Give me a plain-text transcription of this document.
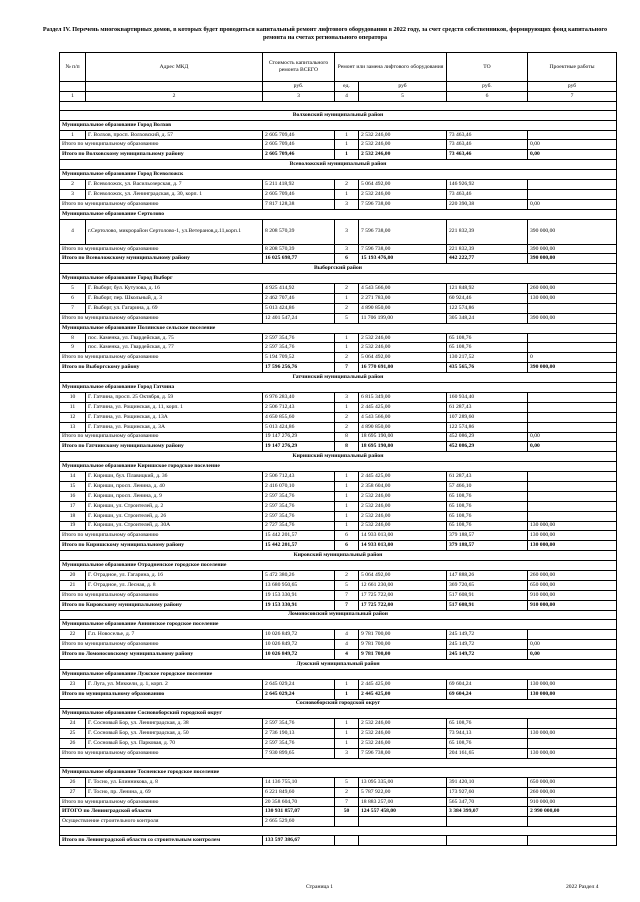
Раздел IV. Перечень многоквартирных домов, в которых будет проводиться капитальный ремонт лифтового оборудования в 2022 году, за счет средств собственников, формирующих фонд капитального ремонта на счетах регионального оператора
№ п/п	Адрес МКД	Стоимость капитального ремонта ВСЕГО	Ремонт или замена лифтового оборудования		ТО	Проектные работы
		руб.	ед.	руб	руб.	руб
1	2	3	4	5	6	7

Волховский муниципальный район						
Муниципальное образование Город Волхов						
1	Г. Волхов, просп. Волховский, д. 57	2 605 709,46	1	2 532 246,00	73 463,46	
Итого по муниципальному образованию		2 605 709,46	1	2 532 246,00	73 463,46	0,00
Итого по Волховскому муниципальному району		2 605 709,46	1	2 532 246,00	73 463,46	0,00
Всеволожский муниципальный район						
Муниципальное образование Город Всеволожск						
2	Г. Всеволожск, ул. Васильозерская, д. 7	5 211 418,92	2	5 064 492,00	146 926,92	
3	Г. Всеволожск, ул. Ленинградская, д. 30, корп. 1	2 605 709,46	1	2 532 246,00	73 463,46	
Итого по муниципальному образованию		7 817 128,38	3	7 596 738,00	220 390,38	0,00
Муниципальное образование Сертолово						
4	г.Сертолово, микрорайон Сертолово-1, ул.Ветеранов,д.11,корп.1	8 208 570,39	3	7 596 738,00	221 832,39	390 000,00
Итого по муниципальному образованию		8 208 570,39	3	7 596 738,00	221 832,39	390 000,00
Итого по Всеволожскому муниципальному району		16 025 698,77	6	15 193 476,00	442 222,77	390 000,00
Выборгский район						
Муниципальное образование Город Выборг						
5	Г. Выборг, бул. Кутузова, д. 16	4 925 414,92	2	4 543 566,00	121 848,92	260 000,00
6	Г. Выборг, пер. Школьный, д. 3	2 462 707,46	1	2 271 783,00	60 924,46	130 000,00
7	Г. Выборг, ул. Гагарина, д. 69	5 013 424,86	2	4 890 850,00	122 574,86	
Итого по муниципальному образованию		12 401 547,24	5	11 706 199,00	305 348,24	390 000,00
Муниципальное образование Полянское сельское поселение						
8	пос. Каменка, ул. Гвардейская, д. 75	2 597 354,76	1	2 532 246,00	65 108,76	
9	пос. Каменка, ул. Гвардейская, д. 77	2 597 354,76	1	2 532 246,00	65 108,76	
Итого по муниципальному образованию		5 194 709,52	2	5 064 492,00	130 217,52	0
Итого по Выборгскому району		17 596 256,76	7	16 770 691,00	435 565,76	390 000,00
Гатчинский муниципальный район						
Муниципальное образование Город Гатчина						
10	Г. Гатчина, просп. 25 Октября, д. 59	6 976 283,40	3	6 815 349,00	160 934,40	
11	Г. Гатчина, ул. Рощинская, д. 11, корп. 1	2 506 712,43	1	2 445 425,00	61 287,43	
12	Г. Гатчина, ул. Рощинская, д. 13А	4 650 855,60	2	4 543 566,00	107 289,60	
13	Г. Гатчина, ул. Рощинская, д. 3А	5 013 424,86	2	4 890 850,00	122 574,86	
Итого по муниципальному образованию		19 147 276,29	8	18 695 190,00	452 086,29	0,00
Итого по Гатчинскому муниципальному району		19 147 276,29	8	18 695 190,00	452 086,29	0,00
Киришский муниципальный район						
Муниципальное образование Киришское городское поселение						
14	Г. Кириши, бул. Плавицкий, д. 36	2 506 712,43	1	2 445 425,00	61 287,43	
15	Г. Кириши, просп. Ленина, д. 40	2 416 070,10	1	2 358 604,00	57 466,10	
16	Г. Кириши, просп. Ленина, д. 9	2 597 354,76	1	2 532 246,00	65 108,76	
17	Г. Кириши, ул. Строителей, д. 2	2 597 354,76	1	2 532 246,00	65 108,76	
18	Г. Кириши, ул. Строителей, д. 26	2 597 354,76	1	2 532 246,00	65 108,76	
19	Г. Кириши, ул. Строителей, д. 30А	2 727 354,76	1	2 532 246,00	65 108,76	130 000,00
Итого по муниципальному образованию		15 442 201,57	6	14 933 013,00	379 188,57	130 000,00
Итого по Киришскому муниципальному району		15 442 201,57	6	14 933 013,00	379 188,57	130 000,00
Кировский муниципальный район						
Муниципальное образование Отрадненское городское поселение						
20	Г. Отрадное, ул. Гагарина, д. 16	5 472 380,26	2	5 064 492,00	147 888,26	260 000,00
21	Г. Отрадное, ул. Лесная, д. 8	13 680 950,65	5	12 661 230,00	369 720,65	650 000,00
Итого по муниципальному образованию		19 153 330,91	7	17 725 722,00	517 608,91	910 000,00
Итого по Кировскому муниципальному району		19 153 330,91	7	17 725 722,00	517 608,91	910 000,00
Ломоносовский муниципальный район						
Муниципальное образование Аннинское городское поселение						
22	Г.п. Новоселье, д. 7	10 026 849,72	4	9 781 700,00	245 149,72	
Итого по муниципальному образованию		10 026 849,72	4	9 781 700,00	245 149,72	0,00
Итого по Ломоносовскому муниципальному району		10 026 849,72	4	9 781 700,00	245 149,72	0,00
Лужский муниципальный район						
Муниципальное образование Лужское городское поселение						
23	Г. Луга, ул. Миккели, д. 1, корп. 2	2 645 029,24	1	2 445 425,00	69 604,24	130 000,00
Итого по муниципальному образованию		2 645 029,24	1	2 445 425,00	69 604,24	130 000,00
Сосновоборский городской округ						
Муниципальное образование Сосновоборский городской округ						
24	Г. Сосновый Бор, ул. Ленинградская, д. 38	2 597 354,76	1	2 532 246,00	65 108,76	
25	Г. Сосновый Бор, ул. Ленинградская, д. 50	2 736 190,13	1	2 532 246,00	73 944,13	130 000,00
26	Г. Сосновый Бор, ул. Парковая, д. 70	2 597 354,76	1	2 532 246,00	65 108,76	
Итого по муниципальному образованию		7 930 899,65	3	7 596 738,00	204 161,65	130 000,00

Муниципальное образование Тосненское городское поселение						
26	Г. Тосно, ул. Блинникова, д. 8	14 136 755,10	5	13 095 335,00	391 420,10	650 000,00
27	Г. Тосно, пр. Ленина, д. 69	6 221 849,60	2	5 787 922,00	173 927,60	260 000,00
Итого по муниципальному образованию		20 358 604,70	7	18 883 257,00	565 347,70	910 000,00
ИТОГО по Ленинградской области		130 931 857,07	50	124 557 458,00	3 384 399,07	2 990 000,00
Осуществление строительного контроля		2 665 529,60				

Итого по Ленинградской области со строительным контролем		133 597 386,67				
Страница 1	2022 Раздел 4
